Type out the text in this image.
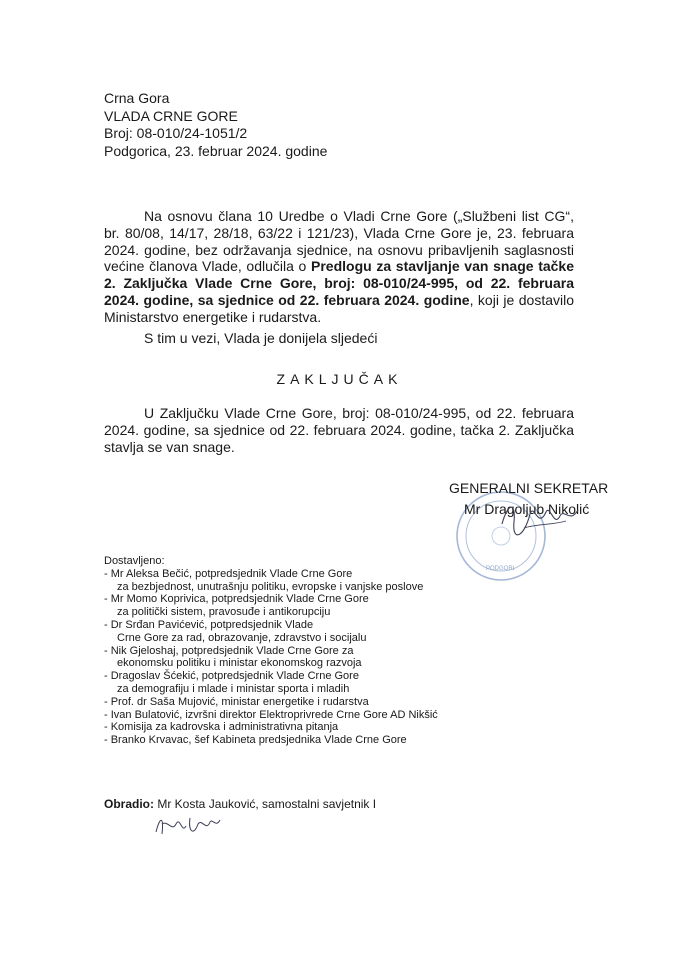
Crna Gora
VLADA CRNE GORE
Broj: 08-010/24-1051/2
Podgorica, 23. februar 2024. godine

Na osnovu člana 10 Uredbe o Vladi Crne Gore („Službeni list CG“, br. 80/08, 14/17, 28/18, 63/22 i 121/23), Vlada Crne Gore je, 23. februara 2024. godine, bez održavanja sjednice, na osnovu pribavljenih saglasnosti većine članova Vlade, odlučila o Predlogu za stavljanje van snage tačke 2. Zaključka Vlade Crne Gore, broj: 08-010/24-995, od 22. februara 2024. godine, sa sjednice od 22. februara 2024. godine, koji je dostavilo Ministarstvo energetike i rudarstva.

S tim u vezi, Vlada je donijela sljedeći

ZAKLJUČAK

U Zaključku Vlade Crne Gore, broj: 08-010/24-995, od 22. februara 2024. godine, sa sjednice od 22. februara 2024. godine, tačka 2. Zaključka stavlja se van snage.

PODGORI
GENERALNI SEKRETAR
Mr Dragoljub Nikolić
Dostavljeno:
- Mr Aleksa Bečić, potpredsjednik Vlade Crne Gore
za bezbjednost, unutrašnju politiku, evropske i vanjske poslove
- Mr Momo Koprivica, potpredsjednik Vlade Crne Gore
za politički sistem, pravosuđe i antikorupciju
- Dr Srđan Pavićević, potpredsjednik Vlade
Crne Gore za rad, obrazovanje, zdravstvo i socijalu
- Nik Gjeloshaj, potpredsjednik Vlade Crne Gore za
ekonomsku politiku i ministar ekonomskog razvoja
- Dragoslav Šćekić, potpredsjednik Vlade Crne Gore
za demografiju i mlade i ministar sporta i mladih
- Prof. dr Saša Mujović, ministar energetike i rudarstva
- Ivan Bulatović, izvršni direktor Elektroprivrede Crne Gore AD Nikšić
- Komisija za kadrovska i administrativna pitanja
- Branko Krvavac, šef Kabineta predsjednika Vlade Crne Gore
Obradio: Mr Kosta Jauković, samostalni savjetnik I
